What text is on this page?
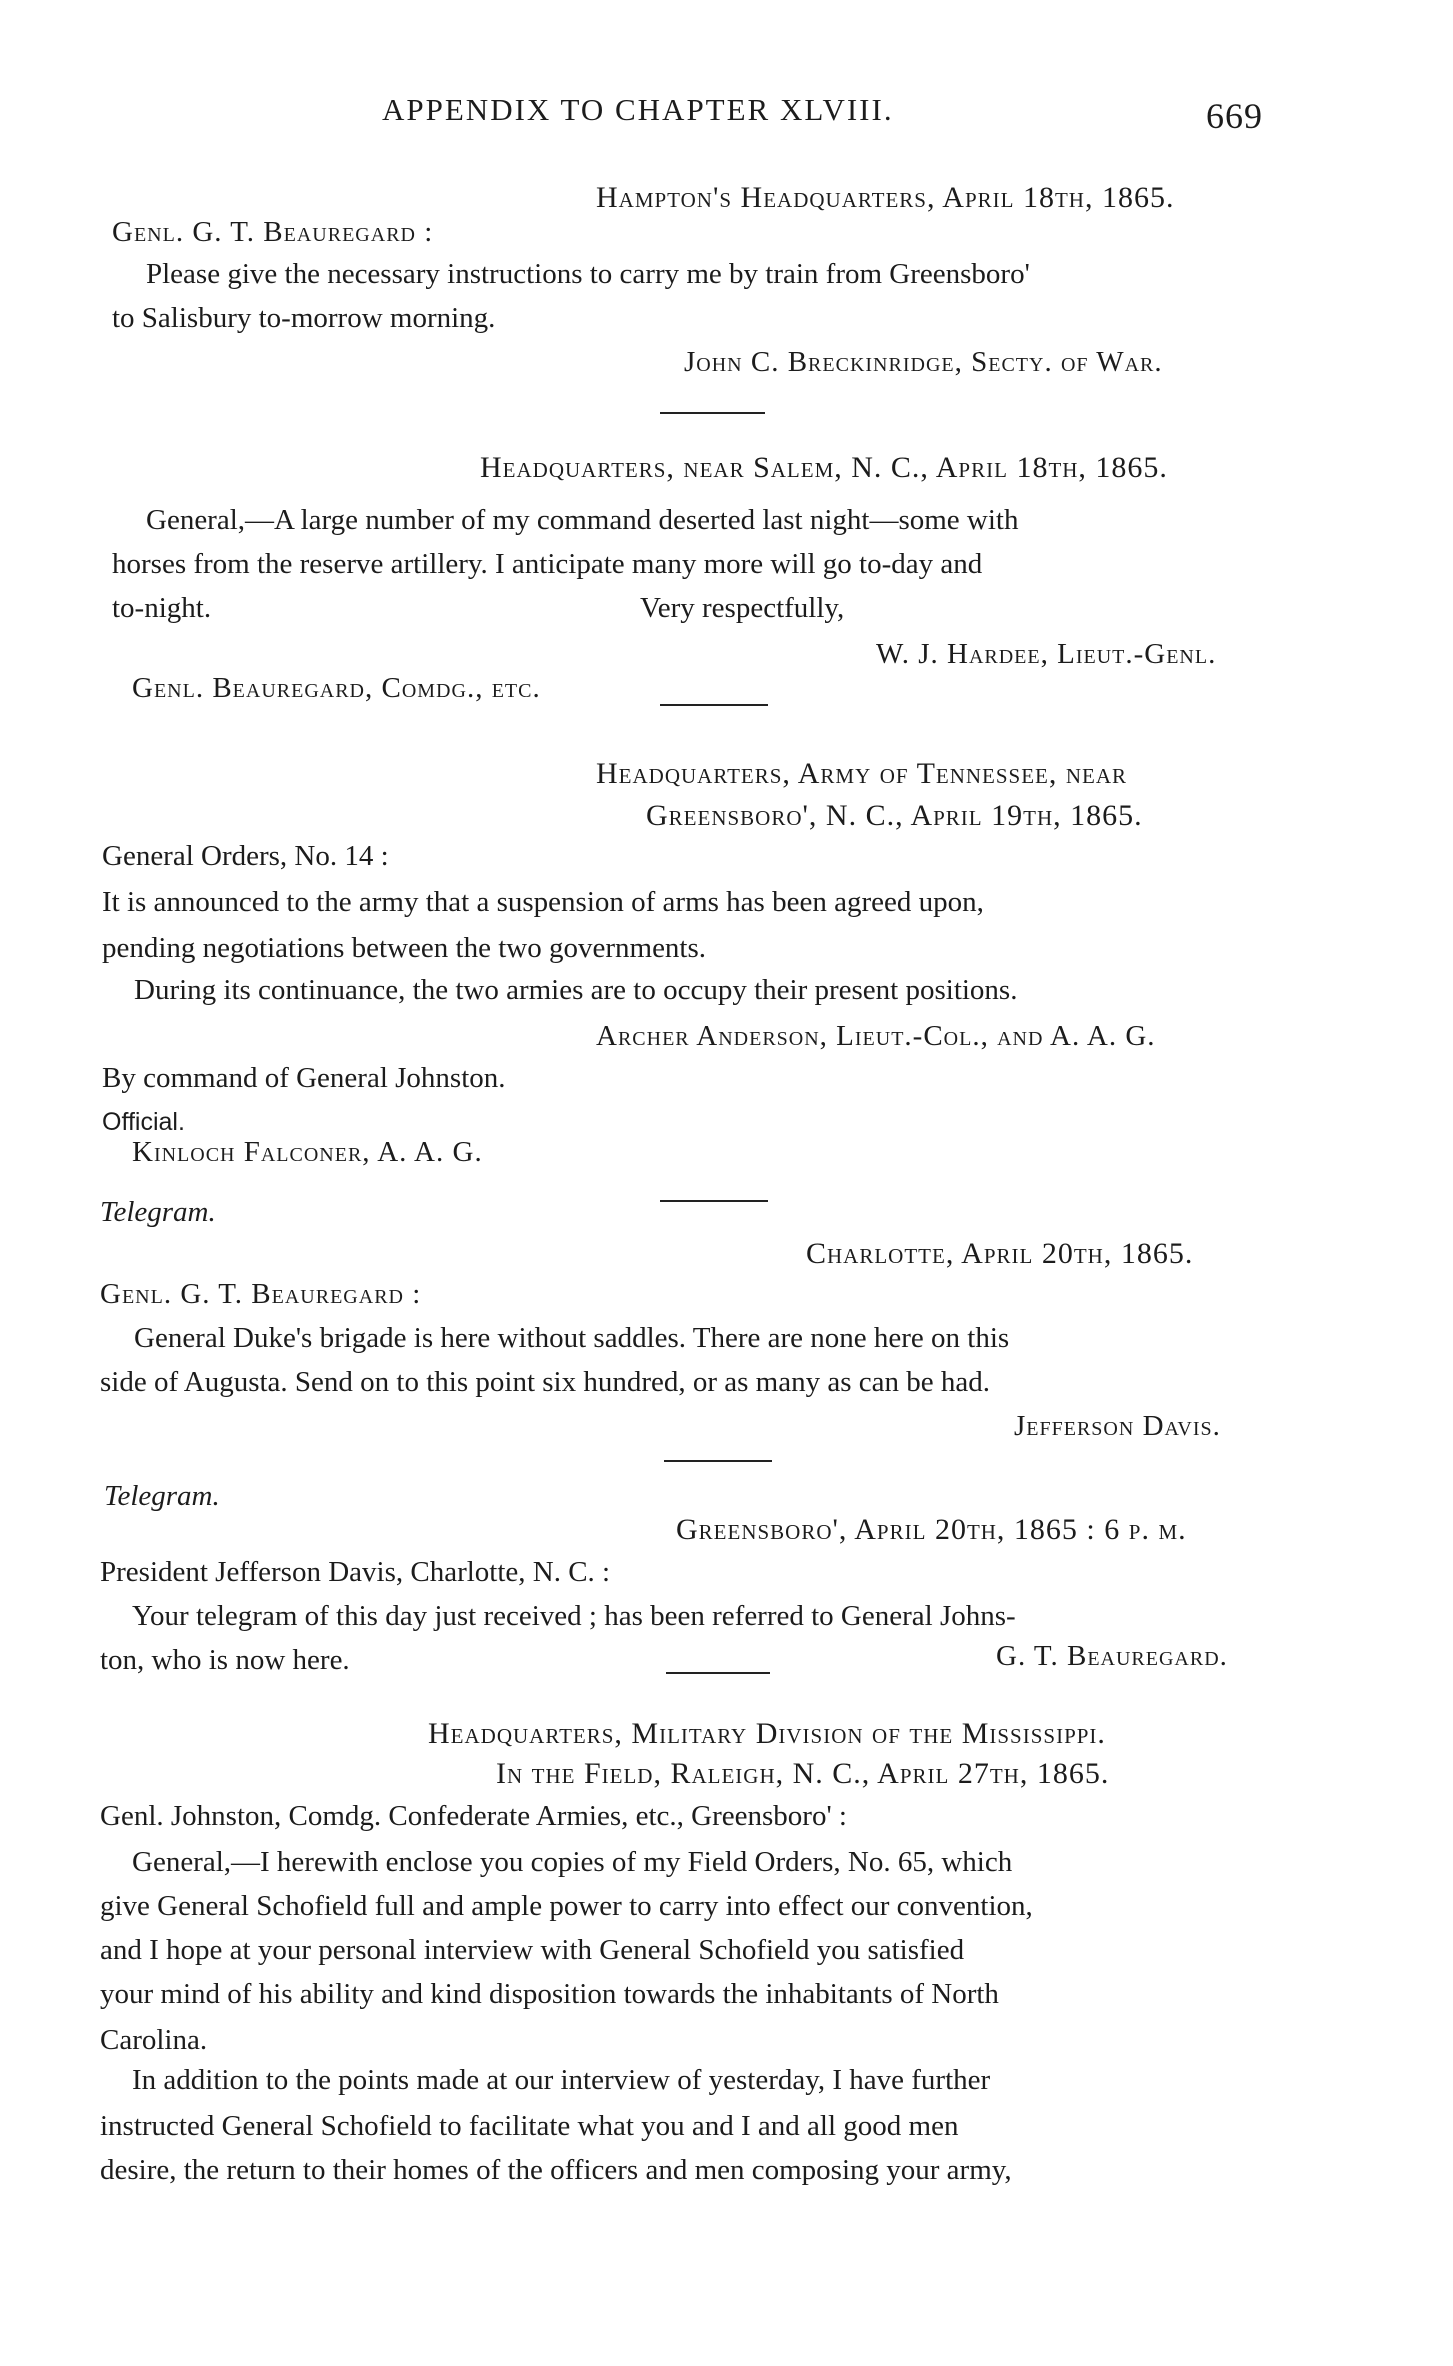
APPENDIX TO CHAPTER XLVIII.	669
Hampton's Headquarters, April 18th, 1865.
Genl. G. T. Beauregard :
Please give the necessary instructions to carry me by train from Greensboro'
to Salisbury to-morrow morning.
John C. Breckinridge, Secty. of War.
Headquarters, near Salem, N. C., April 18th, 1865.
General,—A large number of my command deserted last night—some with
horses from the reserve artillery. I anticipate many more will go to-day and
to-night.	Very respectfully,
W. J. Hardee, Lieut.-Genl.
Genl. Beauregard, Comdg., etc.
Headquarters, Army of Tennessee, near
Greensboro', N. C., April 19th, 1865.
General Orders, No. 14 :
It is announced to the army that a suspension of arms has been agreed upon,
pending negotiations between the two governments.
During its continuance, the two armies are to occupy their present positions.
Archer Anderson, Lieut.-Col., and A. A. G.
By command of General Johnston.
Official.
Kinloch Falconer, A. A. G.
Telegram.
Charlotte, April 20th, 1865.
Genl. G. T. Beauregard :
General Duke's brigade is here without saddles. There are none here on this
side of Augusta. Send on to this point six hundred, or as many as can be had.
Jefferson Davis.
Telegram.
Greensboro', April 20th, 1865 : 6 p. m.
President Jefferson Davis, Charlotte, N. C. :
Your telegram of this day just received ; has been referred to General Johns-
ton, who is now here.	G. T. Beauregard.
Headquarters, Military Division of the Mississippi.
In the Field, Raleigh, N. C., April 27th, 1865.
Genl. Johnston, Comdg. Confederate Armies, etc., Greensboro' :
General,—I herewith enclose you copies of my Field Orders, No. 65, which
give General Schofield full and ample power to carry into effect our convention,
and I hope at your personal interview with General Schofield you satisfied
your mind of his ability and kind disposition towards the inhabitants of North
Carolina.
In addition to the points made at our interview of yesterday, I have further
instructed General Schofield to facilitate what you and I and all good men
desire, the return to their homes of the officers and men composing your army,
